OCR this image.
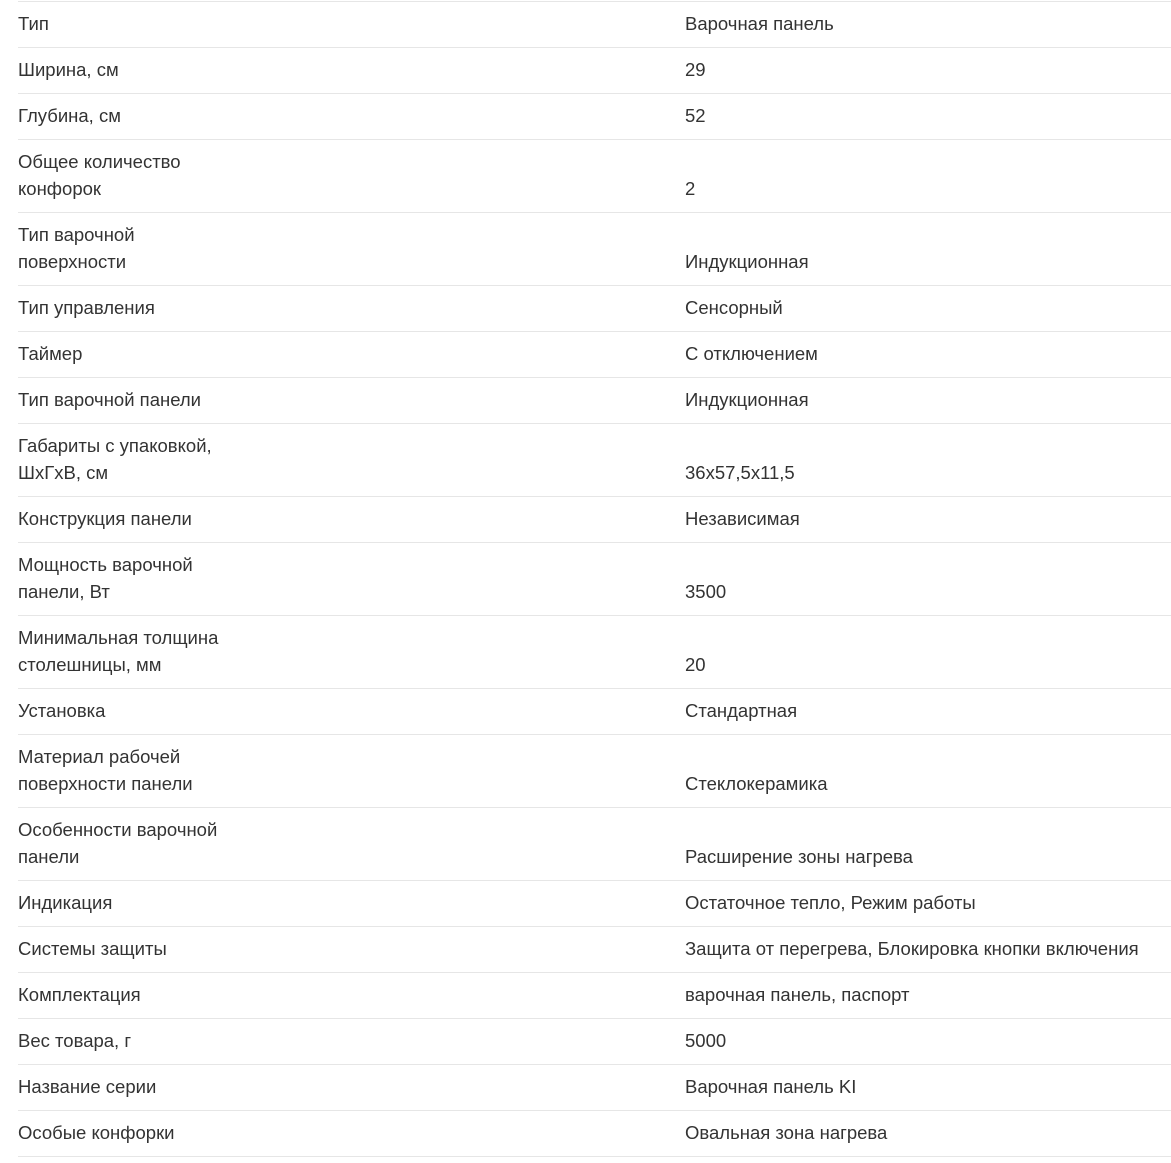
Тип	Варочная панель
Ширина, см	29
Глубина, см	52
Общее количество конфорок	2
Тип варочной поверхности	Индукционная
Тип управления	Сенсорный
Таймер	С отключением
Тип варочной панели	Индукционная
Габариты с упаковкой, ШхГхВ, см	36x57,5x11,5
Конструкция панели	Независимая
Мощность варочной панели, Вт	3500
Минимальная толщина столешницы, мм	20
Установка	Стандартная
Материал рабочей поверхности панели	Стеклокерамика
Особенности варочной панели	Расширение зоны нагрева
Индикация	Остаточное тепло, Режим работы
Системы защиты	Защита от перегрева, Блокировка кнопки включения
Комплектация	варочная панель, паспорт
Вес товара, г	5000
Название серии	Варочная панель KI
Особые конфорки	Овальная зона нагрева
